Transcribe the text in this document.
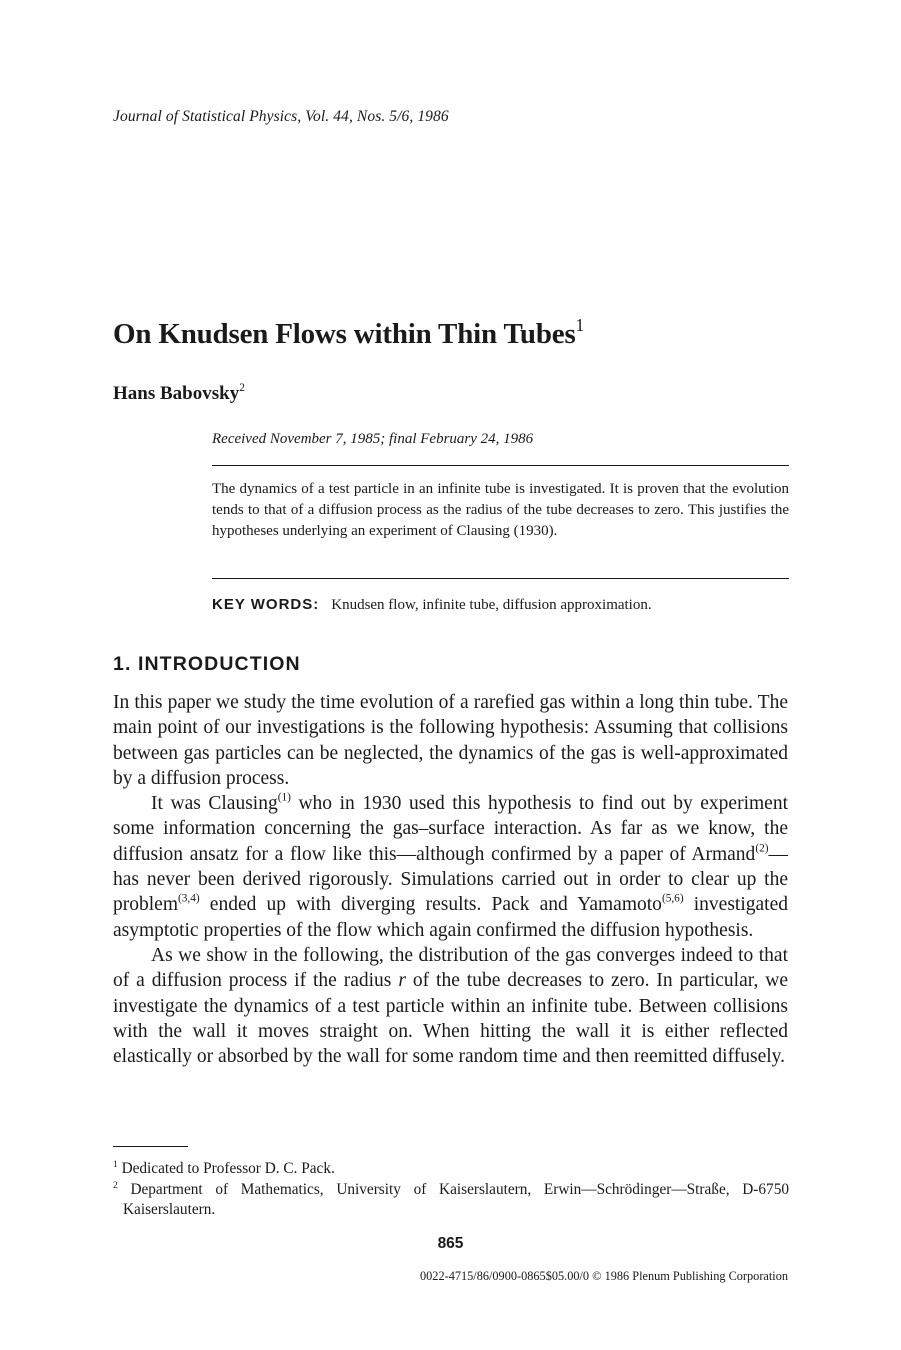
Journal of Statistical Physics, Vol. 44, Nos. 5/6, 1986
On Knudsen Flows within Thin Tubes$^1$
Hans Babovsky$^2$
Received November 7, 1985; final February 24, 1986

The dynamics of a test particle in an infinite tube is investigated. It is proven that the evolution tends to that of a diffusion process as the radius of the tube decreases to zero. This justifies the hypotheses underlying an experiment of Clausing (1930).

KEY WORDS: Knudsen flow, infinite tube, diffusion approximation.
1. INTRODUCTION

In this paper we study the time evolution of a rarefied gas within a long thin tube. The main point of our investigations is the following hypothesis: Assuming that collisions between gas particles can be neglected, the dynamics of the gas is well-approximated by a diffusion process.

It was Clausing$^{(1)}$ who in 1930 used this hypothesis to find out by experiment some information concerning the gas–surface interaction. As far as we know, the diffusion ansatz for a flow like this—although confirmed by a paper of Armand$^{(2)}$—has never been derived rigorously. Simulations carried out in order to clear up the problem$^{(3,4)}$ ended up with diverging results. Pack and Yamamoto$^{(5,6)}$ investigated asymptotic properties of the flow which again confirmed the diffusion hypothesis.

As we show in the following, the distribution of the gas converges indeed to that of a diffusion process if the radius r of the tube decreases to zero. In particular, we investigate the dynamics of a test particle within an infinite tube. Between collisions with the wall it moves straight on. When hitting the wall it is either reflected elastically or absorbed by the wall for some random time and then reemitted diffusely.

$^1$ Dedicated to Professor D. C. Pack.
$^2$ Department of Mathematics, University of Kaiserslautern, Erwin—Schrödinger—Straße, D-6750 Kaiserslautern.
865
0022-4715/86/0900-0865$05.00/0 © 1986 Plenum Publishing Corporation
